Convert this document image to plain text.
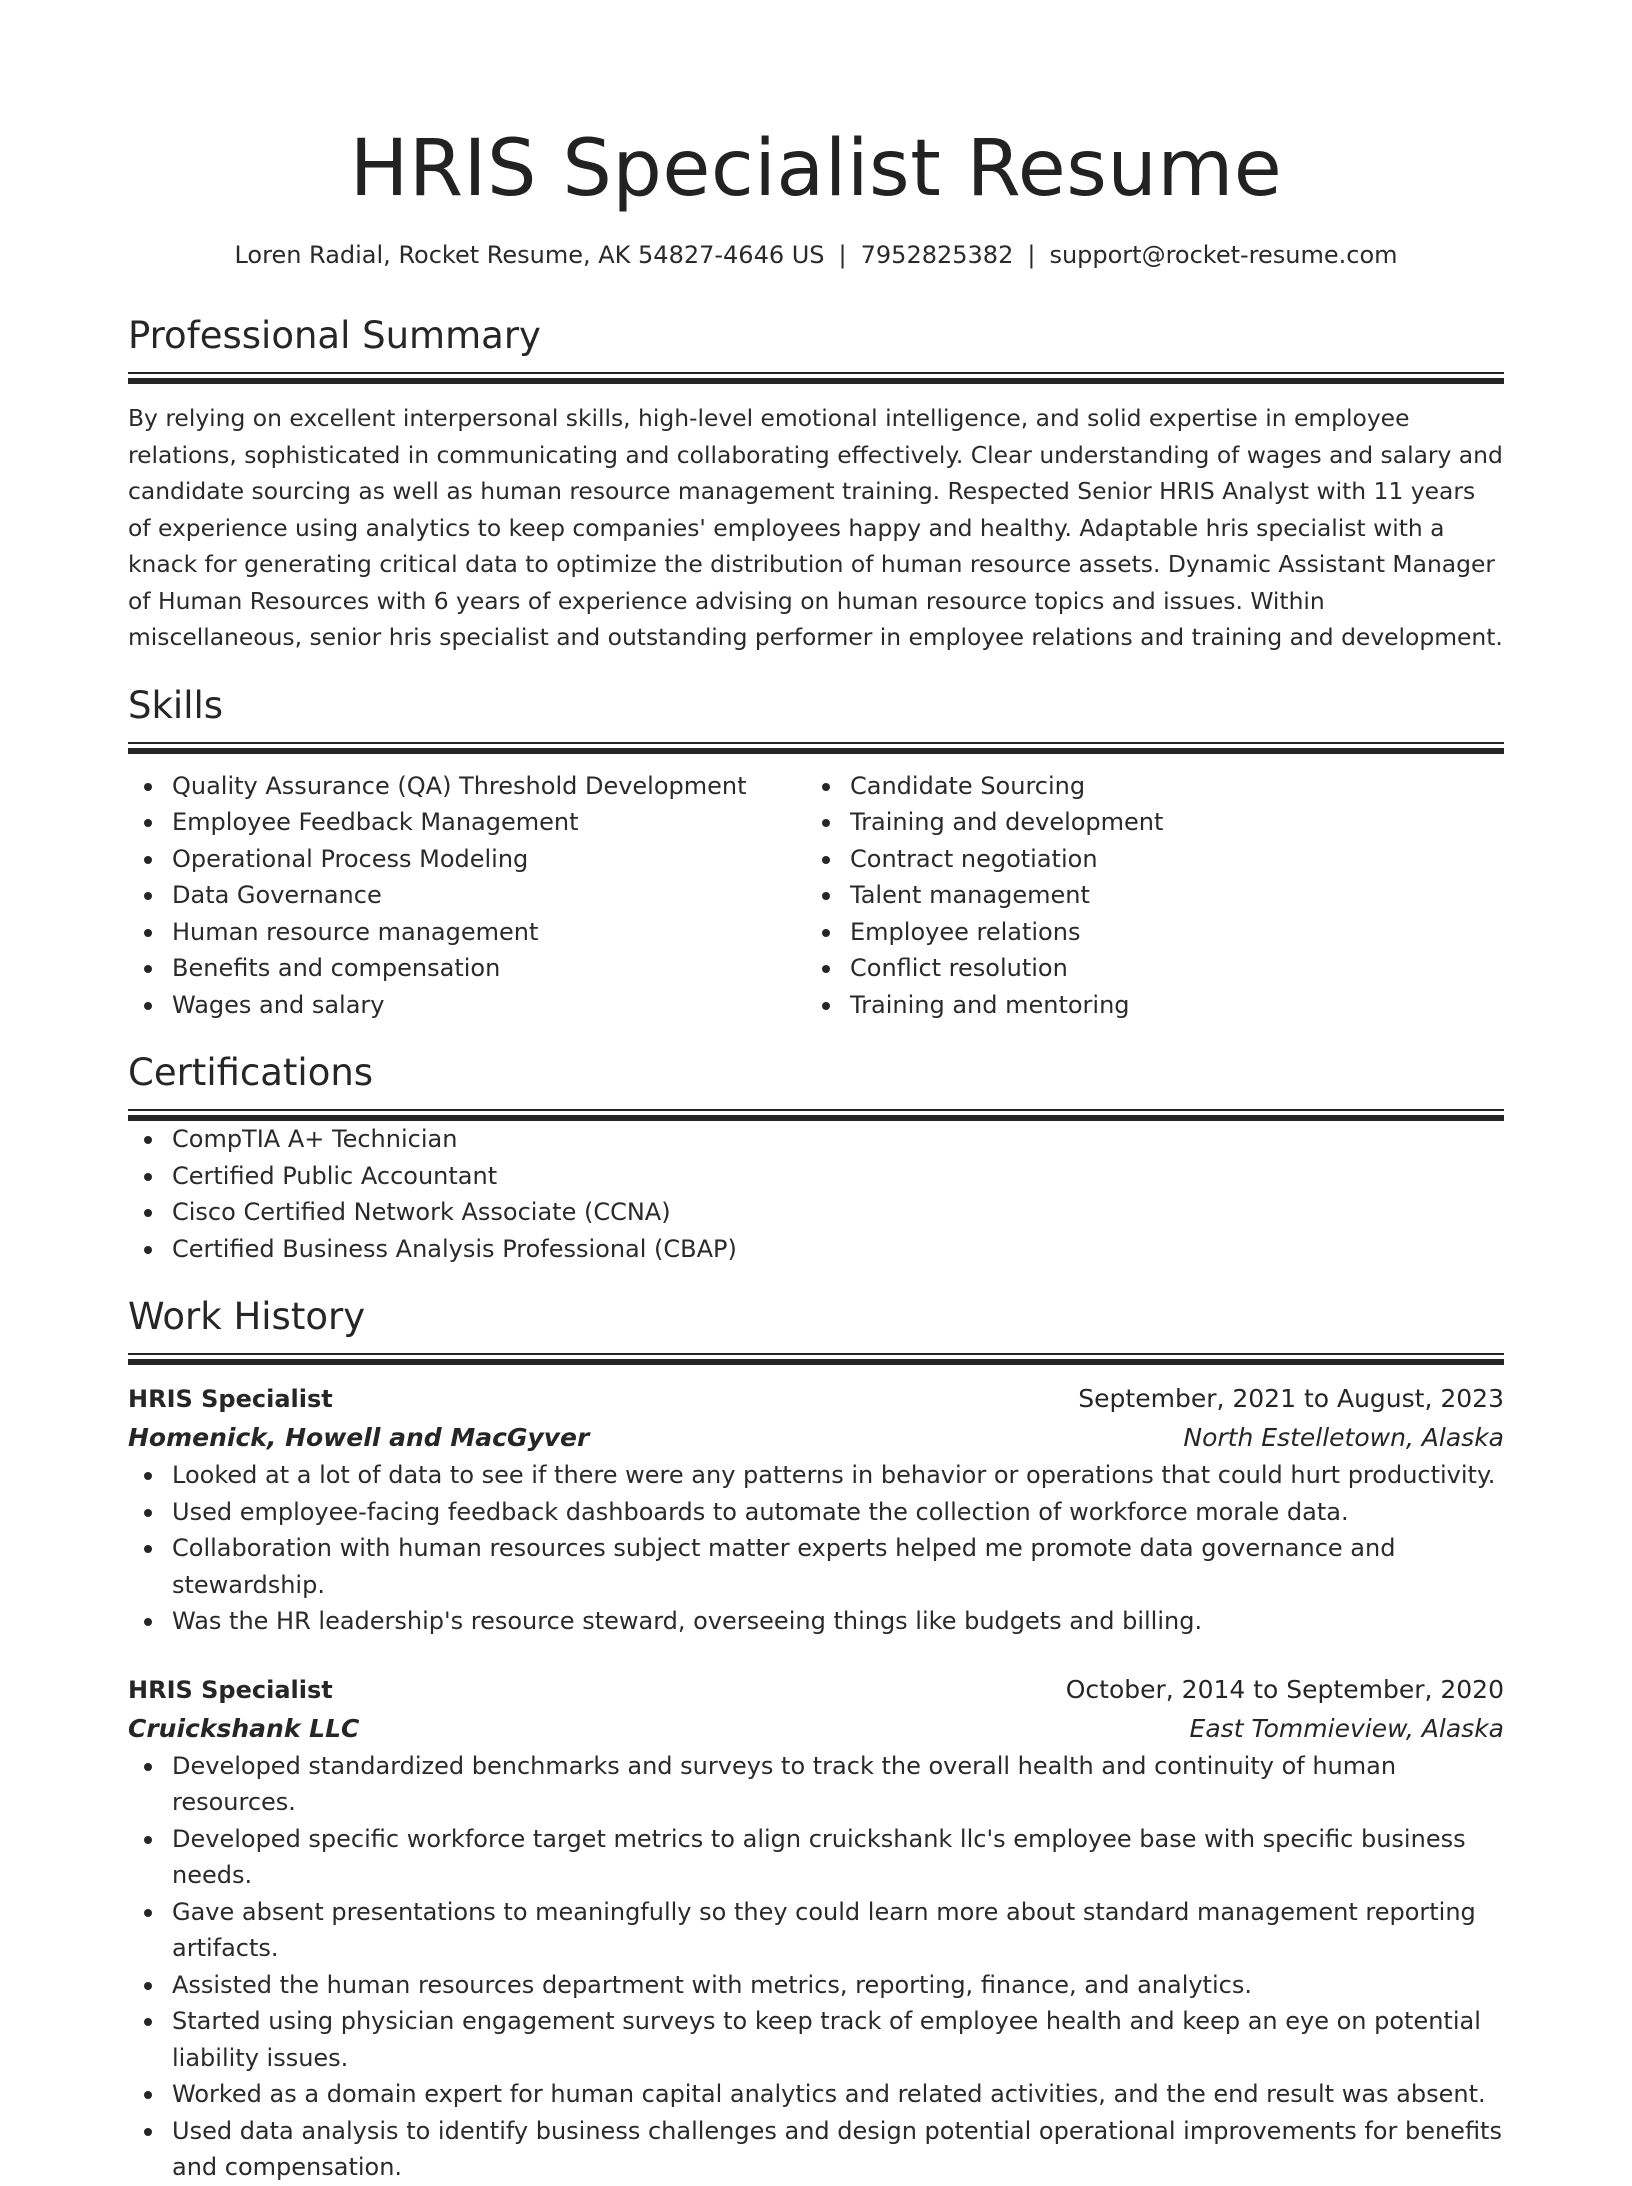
HRIS Specialist Resume
Loren Radial, Rocket Resume, AK 54827-4646 US | 7952825382 | support@rocket-resume.com
Professional Summary

By relying on excellent interpersonal skills, high-level emotional intelligence, and solid expertise in employee relations, sophisticated in communicating and collaborating effectively. Clear understanding of wages and salary and candidate sourcing as well as human resource management training. Respected Senior HRIS Analyst with 11 years of experience using analytics to keep companies' employees happy and healthy. Adaptable hris specialist with a knack for generating critical data to optimize the distribution of human resource assets. Dynamic Assistant Manager of Human Resources with 6 years of experience advising on human resource topics and issues. Within miscellaneous, senior hris specialist and outstanding performer in employee relations and training and development.

Skills
Quality Assurance (QA) Threshold Development
Employee Feedback Management
Operational Process Modeling
Data Governance
Human resource management
Benefits and compensation
Wages and salary
Candidate Sourcing
Training and development
Contract negotiation
Talent management
Employee relations
Conflict resolution
Training and mentoring
Certifications
CompTIA A+ Technician
Certified Public Accountant
Cisco Certified Network Associate (CCNA)
Certified Business Analysis Professional (CBAP)
Work History
HRIS Specialist	September, 2021 to August, 2023
Homenick, Howell and MacGyver	North Estelletown, Alaska
Looked at a lot of data to see if there were any patterns in behavior or operations that could hurt productivity.
Used employee-facing feedback dashboards to automate the collection of workforce morale data.
Collaboration with human resources subject matter experts helped me promote data governance and stewardship.
Was the HR leadership's resource steward, overseeing things like budgets and billing.
HRIS Specialist	October, 2014 to September, 2020
Cruickshank LLC	East Tommieview, Alaska
Developed standardized benchmarks and surveys to track the overall health and continuity of human resources.
Developed specific workforce target metrics to align cruickshank llc's employee base with specific business needs.
Gave absent presentations to meaningfully so they could learn more about standard management reporting artifacts.
Assisted the human resources department with metrics, reporting, finance, and analytics.
Started using physician engagement surveys to keep track of employee health and keep an eye on potential liability issues.
Worked as a domain expert for human capital analytics and related activities, and the end result was absent.
Used data analysis to identify business challenges and design potential operational improvements for benefits and compensation.
